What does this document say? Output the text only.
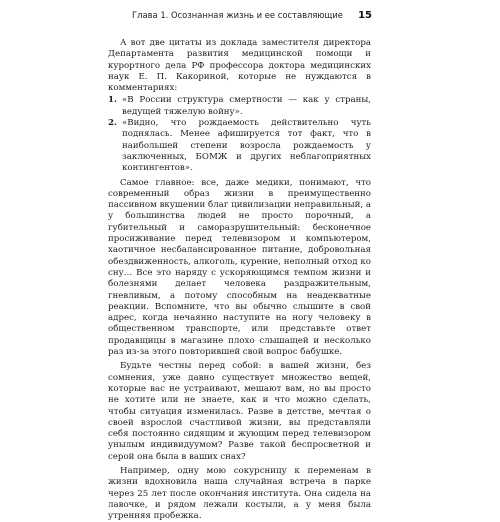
Глава 1. Осознанная жизнь и ее составляющие 15

А вот две цитаты из доклада заместителя директора Департамента развития медицинской помощи и курортного дела РФ профессора доктора медицинских наук Е. П. Какориной, которые не нуждаются в комментариях:

1. «В России структура смертности — как у страны, ведущей тяжелую войну».
2. «Видно, что рождаемость действительно чуть поднялась. Менее афишируется тот факт, что в наибольшей степени возросла рождаемость у заключенных, БОМЖ и других неблагоприятных контингентов».

Самое главное: все, даже медики, понимают, что современный образ жизни в преимущественно пассивном вкушении благ цивилизации неправильный, а у большинства людей не просто порочный, а губительный и саморазрушительный: бесконечное просиживание перед телевизором и компьютером, хаотичное несбалансированное питание, добровольная обездвиженность, алкоголь, курение, неполный отход ко сну… Все это наряду с ускоряющимся темпом жизни и болезнями делает человека раздражительным, гневливым, а потому способным на неадекватные реакции. Вспомните, что вы обычно слышите в свой адрес, когда нечаянно наступите на ногу человеку в общественном транспорте, или представьте ответ продавщицы в магазине плохо слышащей и несколько раз из-за этого повторившей свой вопрос бабушке.

Будьте честны перед собой: в вашей жизни, без сомнения, уже давно существует множество вещей, которые вас не устраивают, мешают вам, но вы просто не хотите или не знаете, как и что можно сделать, чтобы ситуация изменилась. Разве в детстве, мечтая о своей взрослой счастливой жизни, вы представляли себя постоянно сидящим и жующим перед телевизором унылым индивидуумом? Разве такой беспросветной и серой она была в ваших снах?

Например, одну мою сокурсницу к переменам в жизни вдохновила наша случайная встреча в парке через 25 лет после окончания института. Она сидела на лавочке, и рядом лежали костыли, а у меня была утренняя пробежка.
